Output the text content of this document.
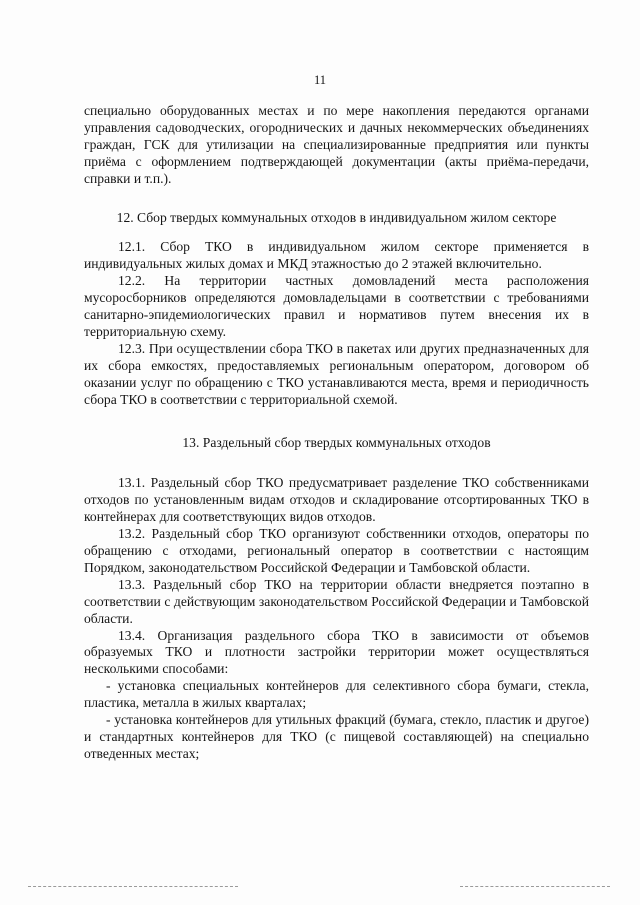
11

специально оборудованных местах и по мере накопления передаются органами управления садоводческих, огороднических и дачных некоммерческих объединениях граждан, ГСК для утилизации на специализированные предприятия или пункты приёма с оформлением подтверждающей документации (акты приёма-передачи, справки и т.п.).

12. Сбор твердых коммунальных отходов в индивидуальном жилом секторе

12.1. Сбор ТКО в индивидуальном жилом секторе применяется в индивидуальных жилых домах и МКД этажностью до 2 этажей включительно.

12.2. На территории частных домовладений места расположения мусоросборников определяются домовладельцами в соответствии с требованиями санитарно-эпидемиологических правил и нормативов путем внесения их в территориальную схему.

12.3. При осуществлении сбора ТКО в пакетах или других предназначенных для их сбора емкостях, предоставляемых региональным оператором, договором об оказании услуг по обращению с ТКО устанавливаются места, время и периодичность сбора ТКО в соответствии с территориальной схемой.

13. Раздельный сбор твердых коммунальных отходов

13.1. Раздельный сбор ТКО предусматривает разделение ТКО собственниками отходов по установленным видам отходов и складирование отсортированных ТКО в контейнерах для соответствующих видов отходов.

13.2. Раздельный сбор ТКО организуют собственники отходов, операторы по обращению с отходами, региональный оператор в соответствии с настоящим Порядком, законодательством Российской Федерации и Тамбовской области.

13.3. Раздельный сбор ТКО на территории области внедряется поэтапно в соответствии с действующим законодательством Российской Федерации и Тамбовской области.

13.4. Организация раздельного сбора ТКО в зависимости от объемов образуемых ТКО и плотности застройки территории может осуществляться несколькими способами:

- установка специальных контейнеров для селективного сбора бумаги, стекла, пластика, металла в жилых кварталах;

- установка контейнеров для утильных фракций (бумага, стекло, пластик и другое) и стандартных контейнеров для ТКО (с пищевой составляющей) на специально отведенных местах;
